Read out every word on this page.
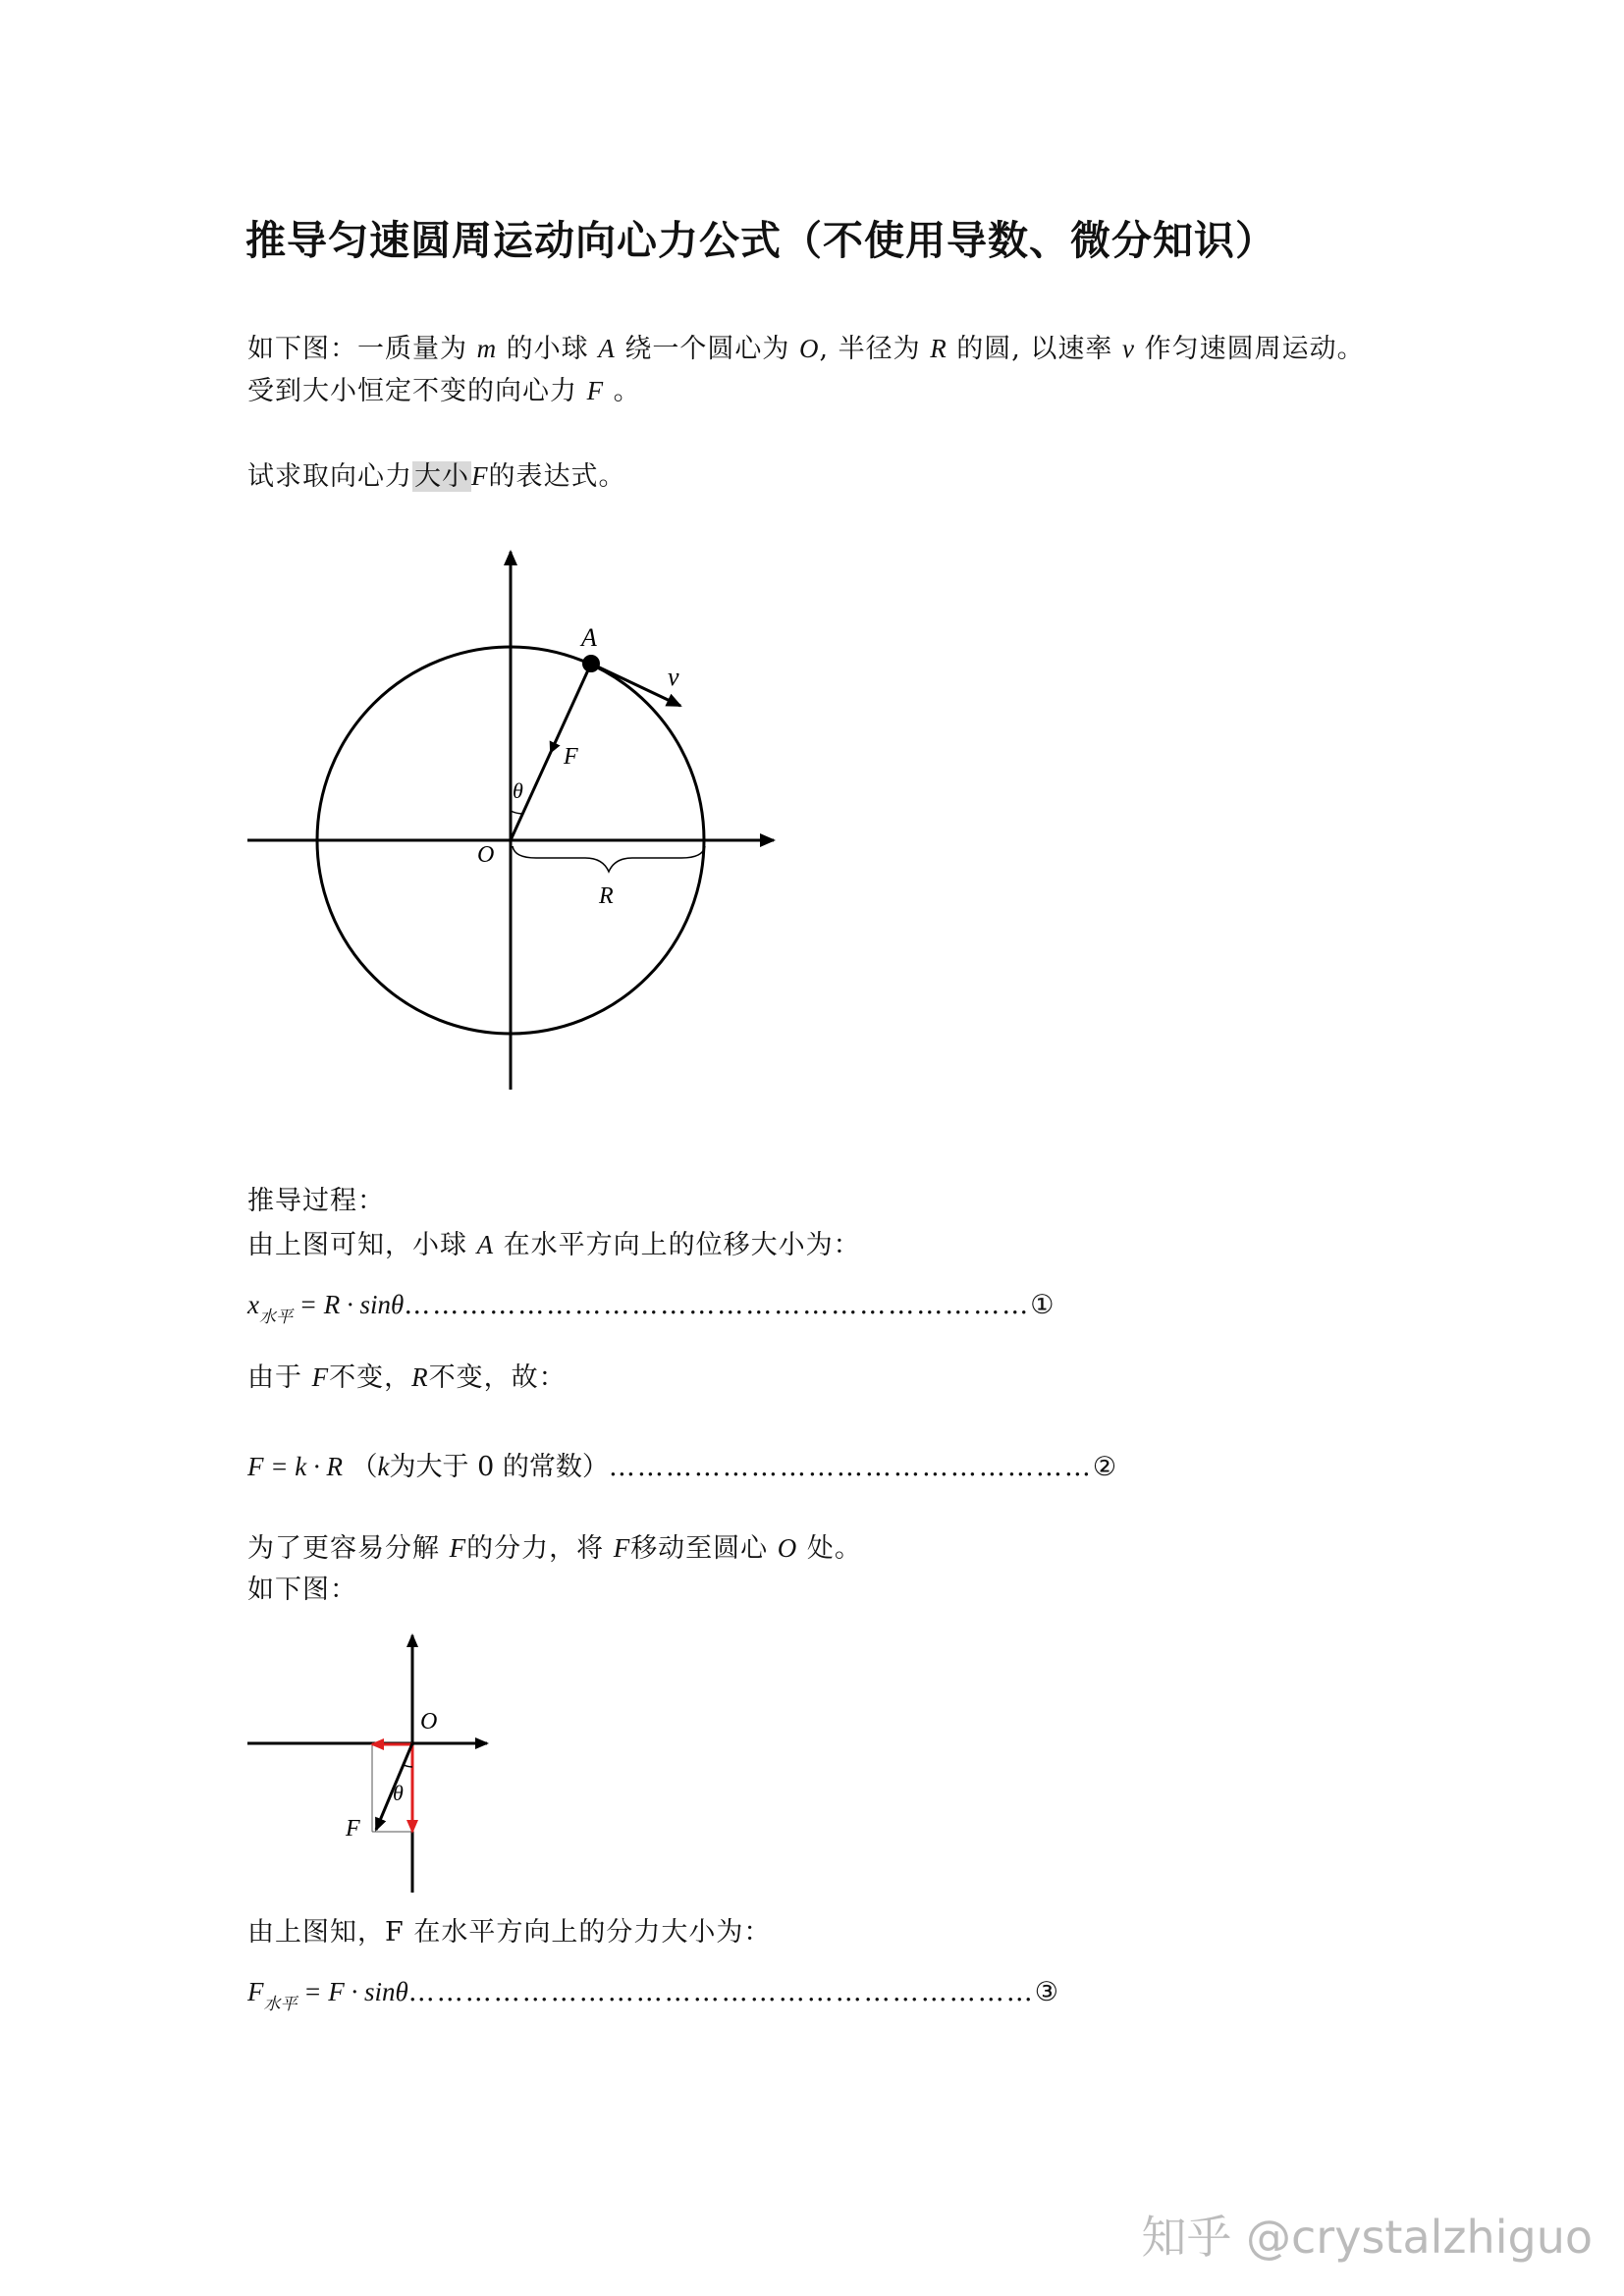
推导匀速圆周运动向心力公式（不使用导数、微分知识）
如下图：一质量为 m 的小球 A 绕一个圆心为 O, 半径为 R 的圆, 以速率 v 作匀速圆周运动。
受到大小恒定不变的向心力 F 。
试求取向心力大小F的表达式。
A
v
F
θ
O
R
推导过程：
由上图可知，小球 A 在水平方向上的位移大小为：
$x_{水平} = R$ · sinθ…………………………………………………………①
由于 F不变，R不变，故：
F = k · R （k为大于 0 的常数）……………………………………………②
为了更容易分解 F的分力，将 F移动至圆心 O 处。
如下图：
O
θ
F
由上图知，F 在水平方向上的分力大小为：
$F_{水平} = F$ · sinθ…………………………………………………………③
知乎 @crystalzhiguo
